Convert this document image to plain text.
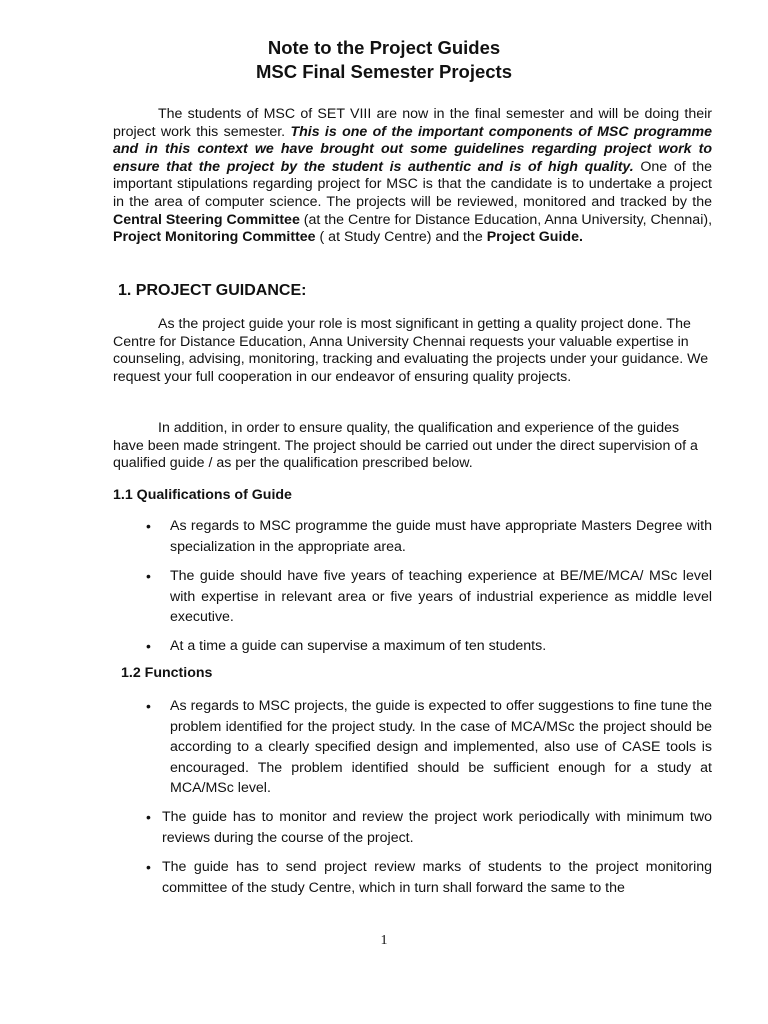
Note to the Project Guides
MSC Final Semester Projects

The students of MSC of SET VIII are now in the final semester and will be doing their project work this semester. This is one of the important components of MSC programme and in this context we have brought out some guidelines regarding project work to ensure that the project by the student is authentic and is of high quality. One of the important stipulations regarding project for MSC is that the candidate is to undertake a project in the area of computer science. The projects will be reviewed, monitored and tracked by the Central Steering Committee (at the Centre for Distance Education, Anna University, Chennai), Project Monitoring Committee ( at Study Centre) and the Project Guide.

1. PROJECT GUIDANCE:

As the project guide your role is most significant in getting a quality project done. The Centre for Distance Education, Anna University Chennai requests your valuable expertise in counseling, advising, monitoring, tracking and evaluating the projects under your guidance. We request your full cooperation in our endeavor of ensuring quality projects.

In addition, in order to ensure quality, the qualification and experience of the guides have been made stringent. The project should be carried out under the direct supervision of a qualified guide / as per the qualification prescribed below.

1.1 Qualifications of Guide
• As regards to MSC programme the guide must have appropriate Masters Degree with specialization in the appropriate area.
• The guide should have five years of teaching experience at BE/ME/MCA/ MSc level with expertise in relevant area or five years of industrial experience as middle level executive.
• At a time a guide can supervise a maximum of ten students.
1.2 Functions
• As regards to MSC projects, the guide is expected to offer suggestions to fine tune the problem identified for the project study. In the case of MCA/MSc the project should be according to a clearly specified design and implemented, also use of CASE tools is encouraged. The problem identified should be sufficient enough for a study at MCA/MSc level.
• The guide has to monitor and review the project work periodically with minimum two reviews during the course of the project.
• The guide has to send project review marks of students to the project monitoring committee of the study Centre, which in turn shall forward the same to the
1
